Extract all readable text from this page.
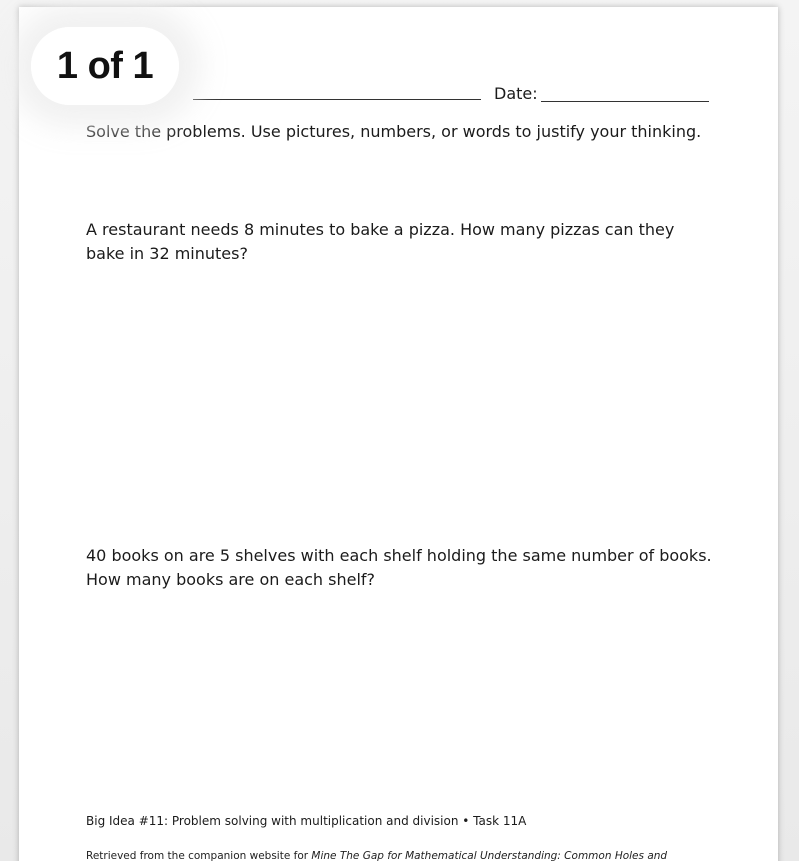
Date:
Solve the problems. Use pictures, numbers, or words to justify your thinking.
A restaurant needs 8 minutes to bake a pizza. How many pizzas can they bake in 32 minutes?
40 books on are 5 shelves with each shelf holding the same number of books. How many books are on each shelf?
Big Idea #11: Problem solving with multiplication and division • Task 11A
Retrieved from the companion website for Mine The Gap for Mathematical Understanding: Common Holes and
1 of 1
